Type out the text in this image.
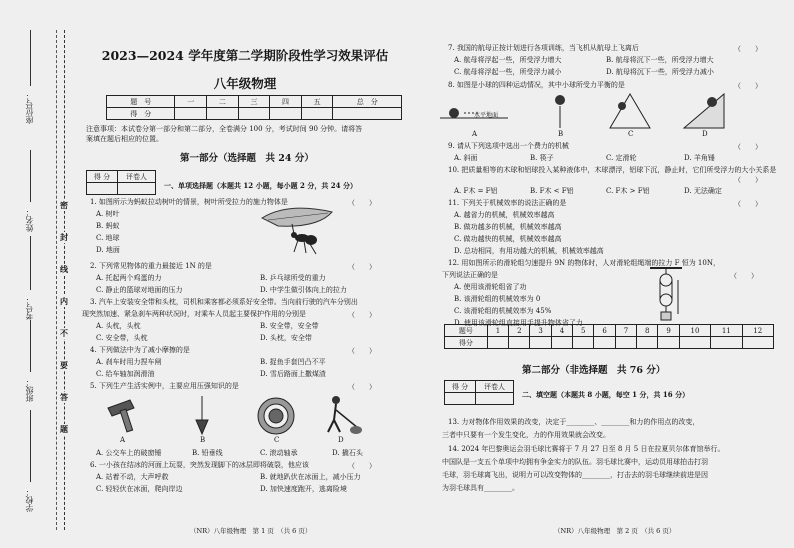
座位号：
姓名：
考号：
班级：
学校：
密
封
线
内
不
要
答
题
2023—2024 学年度第二学期阶段性学习效果评估
八年级物理
题　号	一	二	三	四	五	总　分
得　分						
注意事项：本试卷分第一部分和第二部分，全卷满分 100 分，考试时间 90 分钟。请将答
案填在题后相应的位置。
第一部分（选择题　共 24 分）
得 分	评卷人

一、单项选择题（本题共 12 小题，每小题 2 分，共 24 分）
1. 如图所示为蚂蚁拉动树叶的情景，树叶所受拉力的施力物体是	（　　）
A. 树叶
B. 蚂蚁
C. 地球
D. 地面
2. 下列常见物体的重力最接近 1N 的是	（　　）
A. 托起两个鸡蛋的力	B. 乒乓球所受的重力
C. 静止的篮球对地面的压力	D. 中学生做引体向上的拉力
3. 汽车上安装安全带和头枕，司机和乘客都必须系好安全带。当向前行驶的汽车分别出
现突然加速、紧急刹车两种状况时，对乘车人员起主要保护作用的分别是	（　　）
A. 头枕，头枕	B. 安全带，安全带
C. 安全带，头枕	D. 头枕，安全带
4. 下列做法中为了减小摩擦的是	（　　）
A. 刹车时用力捏车闸	B. 捉鱼手套凹凸不平
C. 给车轴加润滑油	D. 雪后路面上撒煤渣
5. 下列生产生活实例中，主要应用压强知识的是	（　　）
A	B	C	D
A. 公交车上的破窗锤	B. 铅垂线	C. 滚动轴承	D. 撬石头
6. 一小孩在结冰的河面上玩耍，突然发现脚下的冰层即将破裂，他应该	（　　）
A. 站着不动，大声呼救	B. 就地趴伏在冰面上，减小压力
C. 轻轻伏在冰面，爬向岸边	D. 加快速度跑开，逃离险境
（NR）八年级物理　第 1 页　（共 6 页）
7. 我国的航母正按计划进行各项训练，当飞机从航母上飞离后	（　　）
A. 航母将浮起一些，所受浮力增大	B. 航母将沉下一些，所受浮力增大
C. 航母将浮起一些，所受浮力减小	D. 航母将沉下一些，所受浮力减小
8. 如图是小球的四种运动情况，其中小球所受力平衡的是	（　　）
水平地面
A	B	C	D
9. 请从下列选项中选出一个费力的机械	（　　）
A. 斜面	B. 筷子	C. 定滑轮	D. 羊角锤
10. 把质量相等的木球和铝球投入某种液体中，木球漂浮，铝球下沉，静止时，它们所受浮力的大小关系是
（　　）
A. F木 = F铝	B. F木 < F铝	C. F木 > F铝	D. 无法确定
11. 下列关于机械效率的说法正确的是	（　　）
A. 越省力的机械，机械效率越高
B. 做功越多的机械，机械效率越高
C. 做功越快的机械，机械效率越高
D. 总功相同，有用功越大的机械，机械效率越高
12. 用如图所示的滑轮组匀速提升 9N 的物体时，人对滑轮组绳端的拉力 F 恒为 10N，
下列说法正确的是	（　　）
A. 使用该滑轮组省了功
B. 该滑轮组的机械效率为 0
C. 该滑轮组的机械效率为 45%
D. 使用该滑轮组直接用手提升物体省了力
题号	1	2	3	4	5	6	7	8	9	10	11	12
得分												
第二部分（非选择题　共 76 分）
得 分	评卷人

二、填空题（本题共 8 小题，每空 1 分，共 16 分）
13. 力对物体作用效果的改变，决定于________、________和力的作用点的改变，
三者中只要有一个发生变化，力的作用效果就会改变。
14. 2024 年巴黎奥运会羽毛球比赛将于 7 月 27 日至 8 月 5 日在拉夏贝尔体育馆举行。
中国队是一支五个单项中均拥有争金实力的队伍。羽毛球比赛中，运动员用球拍击打羽
毛球，羽毛球离飞出，说明力可以改变物体的________，打击去的羽毛球继续前进是因
为羽毛球具有________。
（NR）八年级物理　第 2 页　（共 6 页）
